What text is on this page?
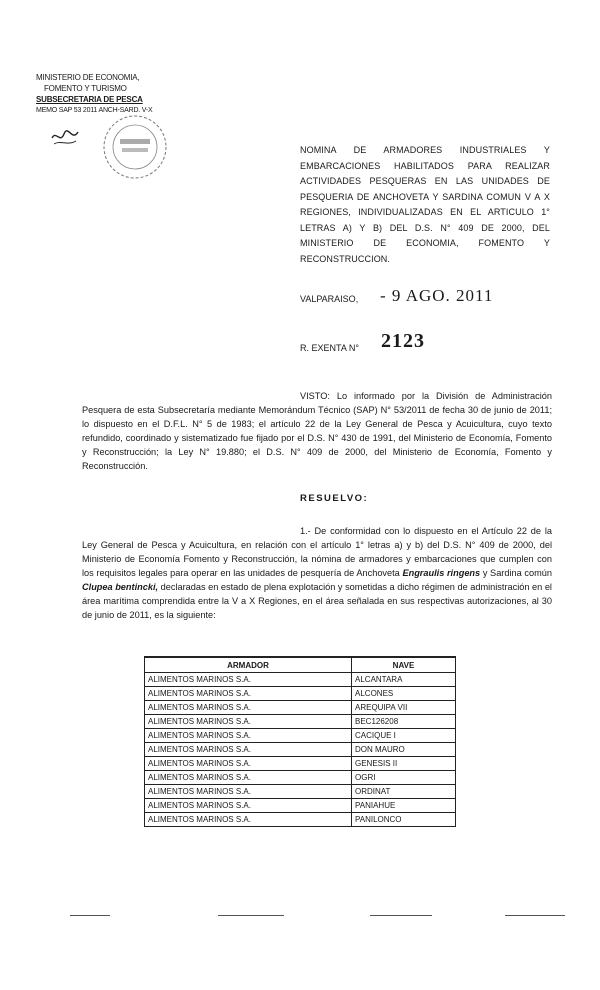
MINISTERIO DE ECONOMIA,
FOMENTO Y TURISMO
SUBSECRETARIA DE PESCA
MEMO SAP 53 2011 ANCH-SARD. V-X
NOMINA DE ARMADORES INDUSTRIALES Y EMBARCACIONES HABILITADOS PARA REALIZAR ACTIVIDADES PESQUERAS EN LAS UNIDADES DE PESQUERIA DE ANCHOVETA Y SARDINA COMUN V A X REGIONES, INDIVIDUALIZADAS EN EL ARTICULO 1° LETRAS A) Y B) DEL D.S. N° 409 DE 2000, DEL MINISTERIO DE ECONOMIA, FOMENTO Y RECONSTRUCCION.
VALPARAISO, - 9 AGO. 2011
R. EXENTA N° 2123
VISTO: Lo informado por la División de Administración Pesquera de esta Subsecretaría mediante Memorándum Técnico (SAP) N° 53/2011 de fecha 30 de junio de 2011; lo dispuesto en el D.F.L. N° 5 de 1983; el artículo 22 de la Ley General de Pesca y Acuicultura, cuyo texto refundido, coordinado y sistematizado fue fijado por el D.S. N° 430 de 1991, del Ministerio de Economía, Fomento y Reconstrucción; la Ley N° 19.880; el D.S. N° 409 de 2000, del Ministerio de Economía, Fomento y Reconstrucción.
RESUELVO:
1.- De conformidad con lo dispuesto en el Artículo 22 de la Ley General de Pesca y Acuicultura, en relación con el artículo 1° letras a) y b) del D.S. N° 409 de 2000, del Ministerio de Economía Fomento y Reconstrucción, la nómina de armadores y embarcaciones que cumplen con los requisitos legales para operar en las unidades de pesquería de Anchoveta Engraulis ringens y Sardina común Clupea bentincki, declaradas en estado de plena explotación y sometidas a dicho régimen de administración en el área marítima comprendida entre la V a X Regiones, en el área señalada en sus respectivas autorizaciones, al 30 de junio de 2011, es la siguiente:
ARMADOR	NAVE
ALIMENTOS MARINOS S.A.	ALCANTARA
ALIMENTOS MARINOS S.A.	ALCONES
ALIMENTOS MARINOS S.A.	AREQUIPA VII
ALIMENTOS MARINOS S.A.	BEC126208
ALIMENTOS MARINOS S.A.	CACIQUE I
ALIMENTOS MARINOS S.A.	DON MAURO
ALIMENTOS MARINOS S.A.	GENESIS II
ALIMENTOS MARINOS S.A.	OGRI
ALIMENTOS MARINOS S.A.	ORDINAT
ALIMENTOS MARINOS S.A.	PANIAHUE
ALIMENTOS MARINOS S.A.	PANILONCO
